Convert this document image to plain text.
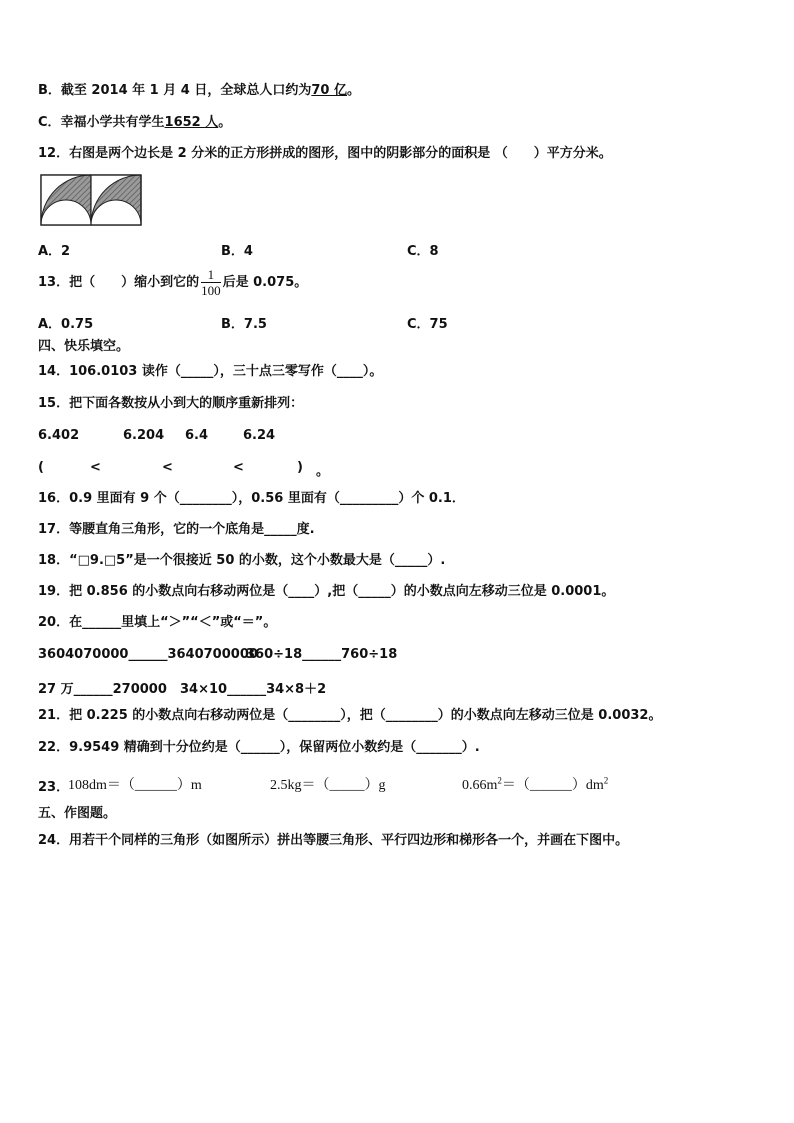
B．截至 2014 年 1 月 4 日，全球总人口约为70 亿。
C．幸福小学共有学生1652 人。
12．右图是两个边长是 2 分米的正方形拼成的图形，图中的阴影部分的面积是 （　　）平方分米。
A．2	B．4	C．8
13．把（　　）缩小到它的 $\frac{1}{100}$ 后是 0.075。
A．0.75	B．7.5	C．75
四、快乐填空。
14．106.0103 读作（_____），三十点三零写作（____）。
15．把下面各数按从小到大的顺序重新排列：
6.402	6.204 6.4	6.24
(	<	<	<	) 。
16．0.9 里面有 9 个（________），0.56 里面有（_________）个 0.1．
17．等腰直角三角形，它的一个底角是_____度.
18．“□9.□5”是一个很接近 50 的小数，这个小数最大是（_____）.
19．把 0.856 的小数点向右移动两位是（____）,把（_____）的小数点向左移动三位是 0.0001。
20．在______里填上“＞”“＜”或“＝”。
3604070000______3640700000
360÷18______760÷18
27 万______270000 34×10______34×8＋2
21．把 0.225 的小数点向右移动两位是（________），把（________）的小数点向左移动三位是 0.0032。
22．9.9549 精确到十分位约是（______），保留两位小数约是（_______）.
23．
108dm＝（______）m	2.5kg＝（_____）g	$0.66m^2=(\_\_\_\_\_\_)dm^2$
五、作图题。
24．用若干个同样的三角形（如图所示）拼出等腰三角形、平行四边形和梯形各一个，并画在下图中。
